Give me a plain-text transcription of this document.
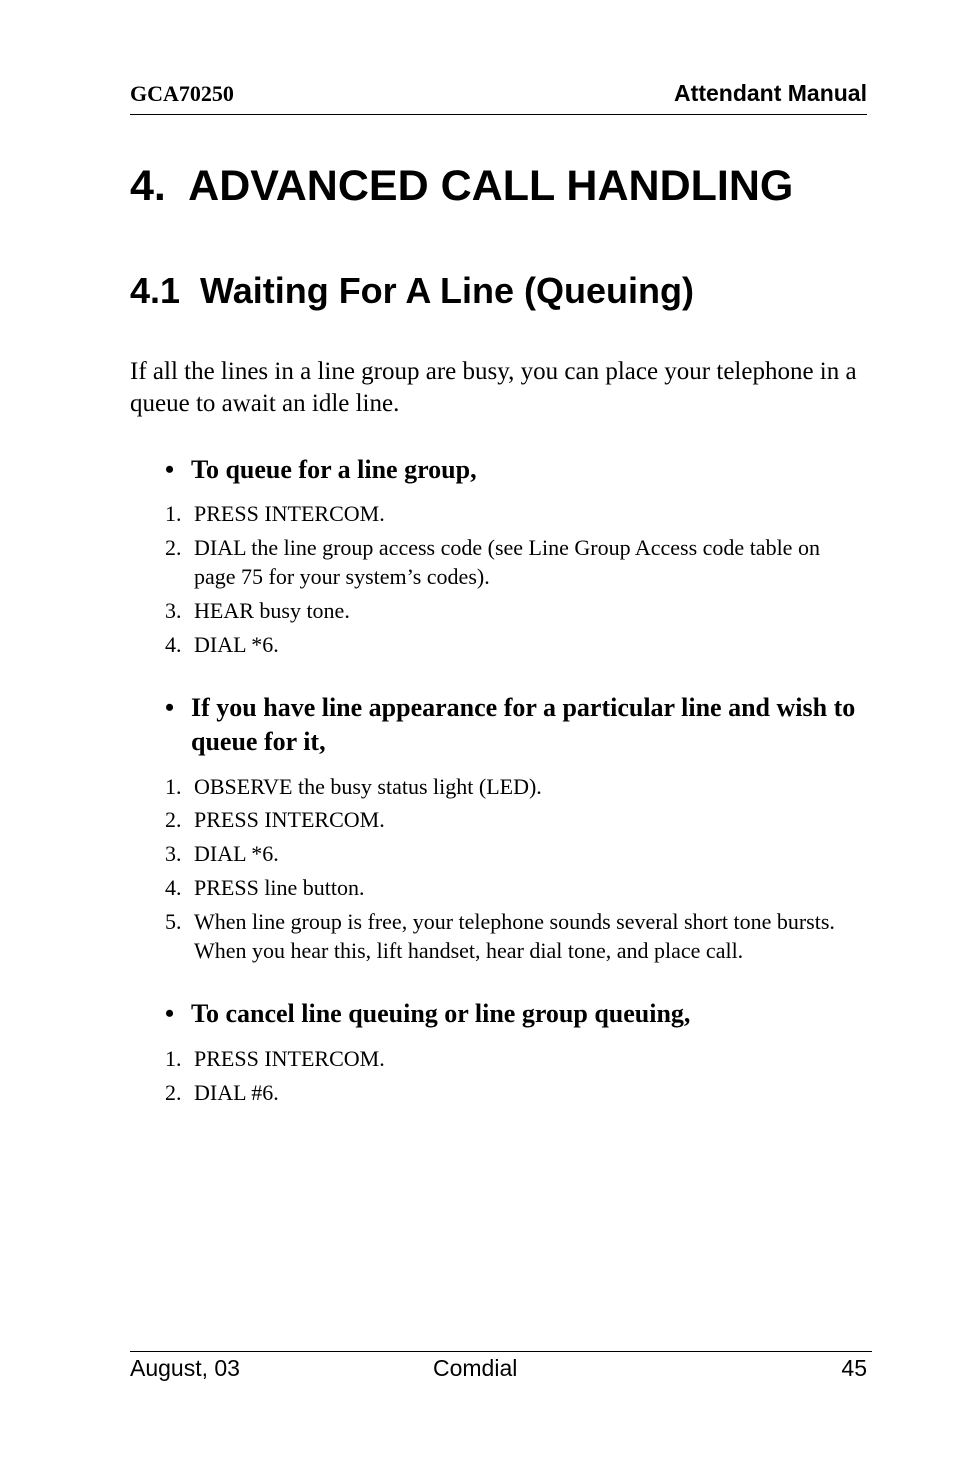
GCA70250	Attendant Manual
4.  ADVANCED CALL HANDLING
4.1  Waiting For A Line (Queuing)
If all the lines in a line group are busy, you can place your telephone in a queue to await an idle line.
• To queue for a line group,
1. PRESS INTERCOM.
2. DIAL the line group access code (see Line Group Access code table on page 75 for your system’s codes).
3. HEAR busy tone.
4. DIAL *6.
• If you have line appearance for a particular line and wish to queue for it,
1. OBSERVE the busy status light (LED).
2. PRESS INTERCOM.
3. DIAL *6.
4. PRESS line button.
5. When line group is free, your telephone sounds several short tone bursts. When you hear this, lift handset, hear dial tone, and place call.
• To cancel line queuing or line group queuing,
1. PRESS INTERCOM.
2. DIAL #6.
August, 03	Comdial	45
